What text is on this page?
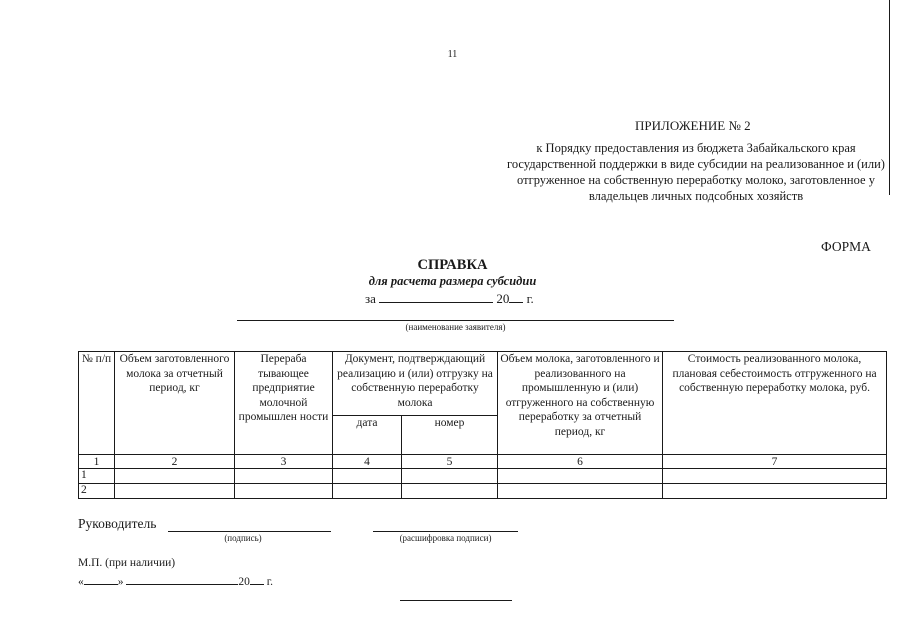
11
ПРИЛОЖЕНИЕ № 2
к Порядку предоставления из бюджета Забайкальского края государственной поддержки в виде субсидии на реализованное и (или) отгруженное на собственную переработку молоко, заготовленное у владельцев личных подсобных хозяйств
ФОРМА
СПРАВКА
для расчета размера субсидии
за	20 г.
(наименование заявителя)
№ п/п	Объем заготовленного молока за отчетный период, кг	Перераба тывающее предприятие молочной промышлен ности	Документ, подтверждающий реализацию и (или) отгрузку на собственную переработку молока		Объем молока, заготовленного и реализованного на промышленную и (или) отгруженного на собственную переработку за отчетный период, кг	Стоимость реализованного молока, плановая себестоимость отгруженного на собственную переработку молока, руб.
			дата	номер		
1	2	3	4	5	6	7
1						
2						
Руководитель
(подпись)	(расшифровка подписи)
М.П. (при наличии)
«	»	20 г.
